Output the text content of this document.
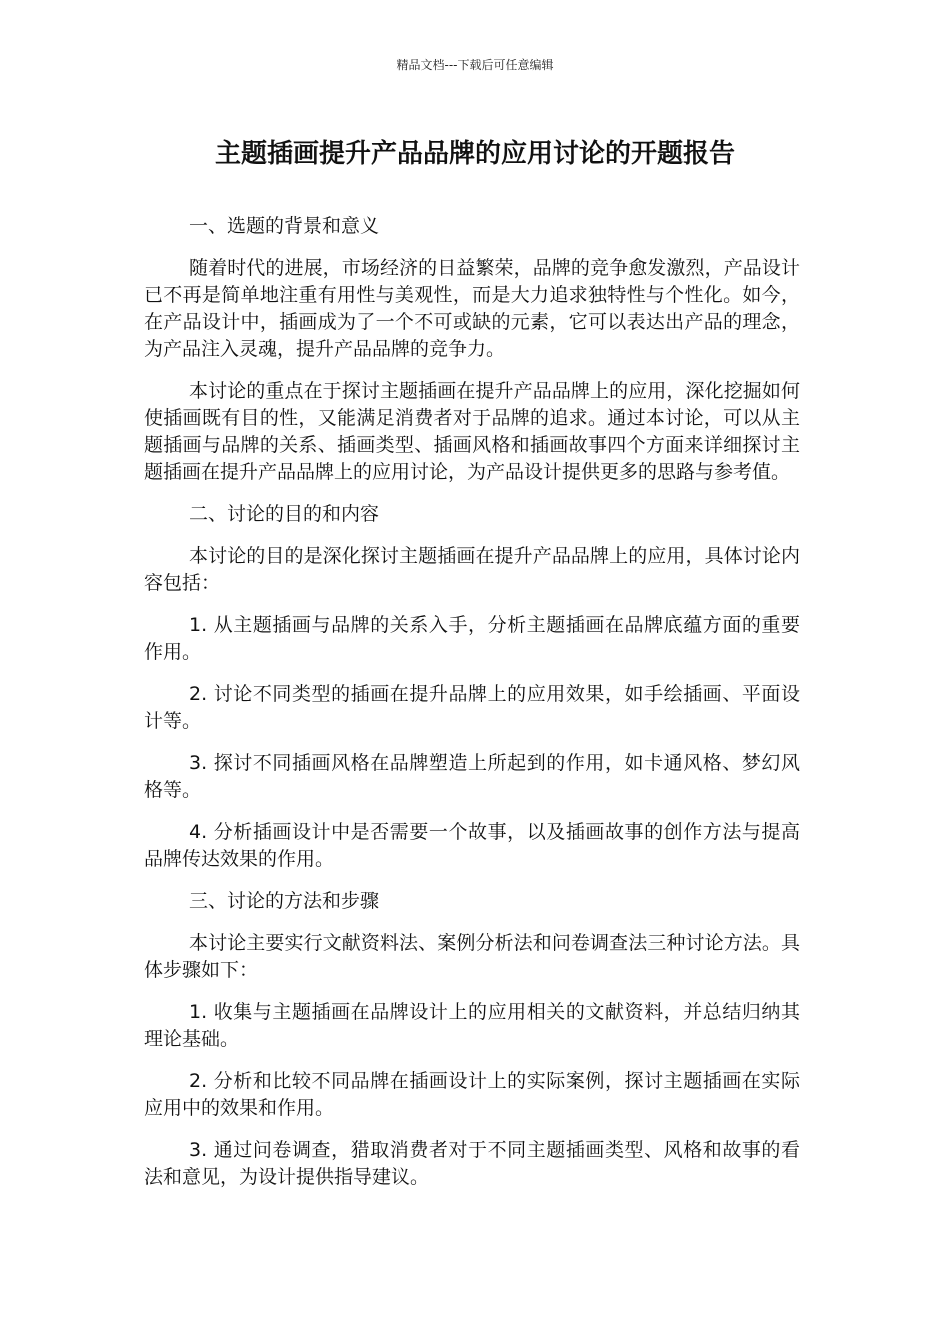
精品文档---下载后可任意编辑
主题插画提升产品品牌的应用讨论的开题报告

一、选题的背景和意义

随着时代的进展，市场经济的日益繁荣，品牌的竞争愈发激烈，产品设计已不再是简单地注重有用性与美观性，而是大力追求独特性与个性化。如今，在产品设计中，插画成为了一个不可或缺的元素，它可以表达出产品的理念，为产品注入灵魂，提升产品品牌的竞争力。

本讨论的重点在于探讨主题插画在提升产品品牌上的应用，深化挖掘如何使插画既有目的性，又能满足消费者对于品牌的追求。通过本讨论，可以从主题插画与品牌的关系、插画类型、插画风格和插画故事四个方面来详细探讨主题插画在提升产品品牌上的应用讨论，为产品设计提供更多的思路与参考值。

二、讨论的目的和内容

本讨论的目的是深化探讨主题插画在提升产品品牌上的应用，具体讨论内容包括：

1. 从主题插画与品牌的关系入手，分析主题插画在品牌底蕴方面的重要作用。

2. 讨论不同类型的插画在提升品牌上的应用效果，如手绘插画、平面设计等。

3. 探讨不同插画风格在品牌塑造上所起到的作用，如卡通风格、梦幻风格等。

4. 分析插画设计中是否需要一个故事，以及插画故事的创作方法与提高品牌传达效果的作用。

三、讨论的方法和步骤

本讨论主要实行文献资料法、案例分析法和问卷调查法三种讨论方法。具体步骤如下：

1. 收集与主题插画在品牌设计上的应用相关的文献资料，并总结归纳其理论基础。

2. 分析和比较不同品牌在插画设计上的实际案例，探讨主题插画在实际应用中的效果和作用。

3. 通过问卷调查，猎取消费者对于不同主题插画类型、风格和故事的看法和意见，为设计提供指导建议。
